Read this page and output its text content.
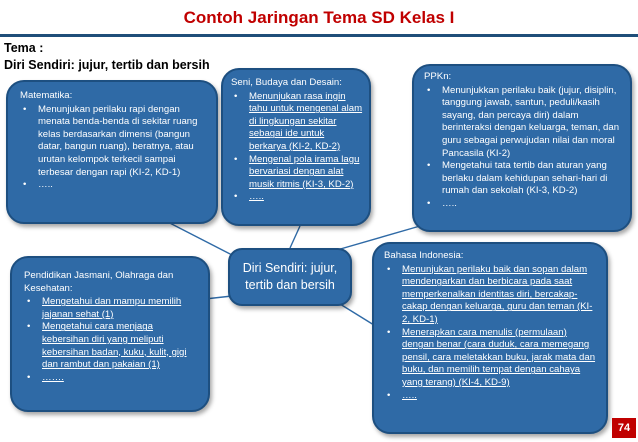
Contoh Jaringan Tema SD Kelas I
Tema :
Diri Sendiri: jujur, tertib dan bersih
Matematika:
• Menunjukan perilaku rapi dengan menata benda-benda di sekitar ruang kelas berdasarkan dimensi (bangun datar, bangun ruang), beratnya, atau urutan kelompok terkecil sampai terbesar dengan rapi (KI-2, KD-1)
• …..
Seni, Budaya dan Desain:
• Menunjukan rasa ingin tahu untuk mengenal alam di lingkungan sekitar sebagai ide untuk berkarya (KI-2, KD-2)
• Mengenal pola irama lagu bervariasi dengan alat musik ritmis (KI-3, KD-2)
• …..
PPKn:
• Menunjukkan perilaku baik (jujur, disiplin, tanggung jawab, santun, peduli/kasih sayang, dan percaya diri) dalam berinteraksi dengan keluarga, teman, dan guru sebagai perwujudan nilai dan moral Pancasila (KI-2)
• Mengetahui tata tertib dan aturan yang berlaku dalam kehidupan sehari-hari di rumah dan sekolah (KI-3, KD-2)
• …..
Diri Sendiri: jujur,
tertib dan bersih
Pendidikan Jasmani, Olahraga dan Kesehatan:
• Mengetahui dan mampu memilih jajanan sehat (1)
• Mengetahui cara menjaga kebersihan diri yang meliputi kebersihan badan, kuku, kulit, gigi dan rambut dan pakaian (1)
• …….
Bahasa Indonesia:
• Menunjukan perilaku baik dan sopan dalam mendengarkan dan berbicara pada saat memperkenalkan identitas diri, bercakap-cakap dengan keluarga, guru dan teman (KI-2, KD-1)
• Menerapkan cara menulis (permulaan) dengan benar (cara duduk, cara memegang pensil, cara meletakkan buku, jarak mata dan buku, dan memilih tempat dengan cahaya yang terang) (KI-4, KD-9)
• …..
74
